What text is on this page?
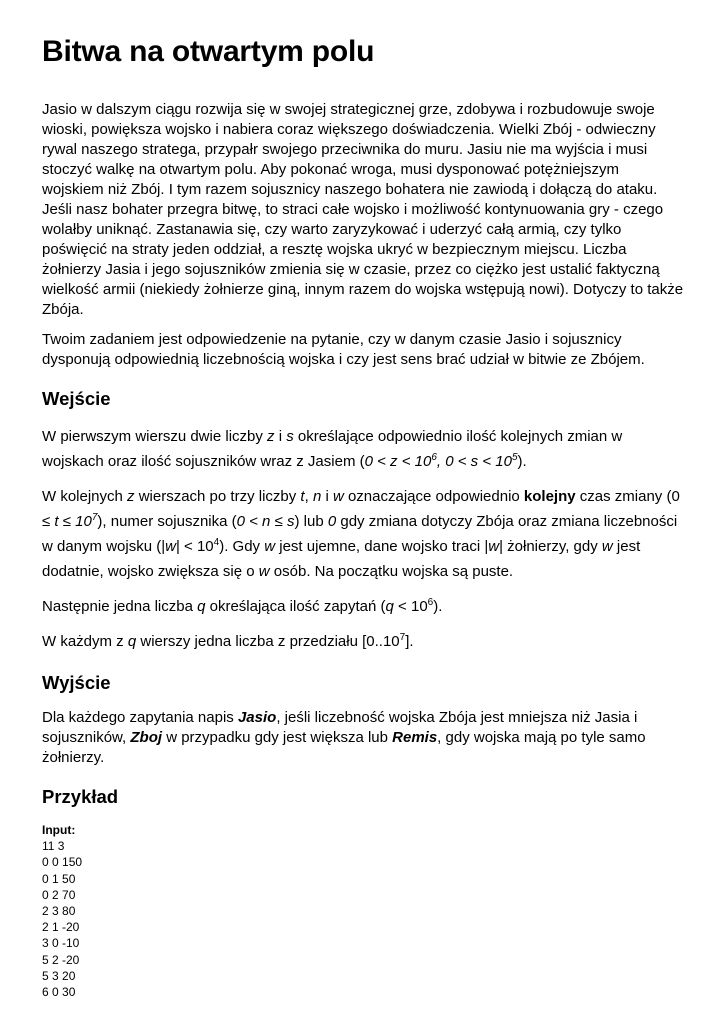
Bitwa na otwartym polu

Jasio w dalszym ciągu rozwija się w swojej strategicznej grze, zdobywa i rozbudowuje swoje wioski, powiększa wojsko i nabiera coraz większego doświadczenia. Wielki Zbój - odwieczny rywal naszego stratega, przypałr swojego przeciwnika do muru. Jasiu nie ma wyjścia i musi stoczyć walkę na otwartym polu. Aby pokonać wroga, musi dysponować potężniejszym wojskiem niż Zbój. I tym razem sojusznicy naszego bohatera nie zawiodą i dołączą do ataku. Jeśli nasz bohater przegra bitwę, to straci całe wojsko i możliwość kontynuowania gry - czego wolałby uniknąć. Zastanawia się, czy warto zaryzykować i uderzyć całą armią, czy tylko poświęcić na straty jeden oddział, a resztę wojska ukryć w bezpiecznym miejscu. Liczba żołnierzy Jasia i jego sojuszników zmienia się w czasie, przez co ciężko jest ustalić faktyczną wielkość armii (niekiedy żołnierze giną, innym razem do wojska wstępują nowi). Dotyczy to także Zbója.

Twoim zadaniem jest odpowiedzenie na pytanie, czy w danym czasie Jasio i sojusznicy dysponują odpowiednią liczebnością wojska i czy jest sens brać udział w bitwie ze Zbójem.

Wejście

W pierwszym wierszu dwie liczby z i s określające odpowiednio ilość kolejnych zmian w wojskach oraz ilość sojuszników wraz z Jasiem ($0 < z < 10^6$, $0 < s < 10^5$).

W kolejnych z wierszach po trzy liczby t, n i w oznaczające odpowiednio kolejny czas zmiany $(0 \le t \le 10^7)$, numer sojusznika (0 < n ≤ s) lub 0 gdy zmiana dotyczy Zbója oraz zmiana liczebności w danym wojsku $(|w| < 10^4)$. Gdy w jest ujemne, dane wojsko traci |w| żołnierzy, gdy w jest dodatnie, wojsko zwiększa się o w osób. Na początku wojska są puste.

Następnie jedna liczba q określająca ilość zapytań $(q < 10^6)$.

W każdym z q wierszy jedna liczba z przedziału [0..10$^7$].

Wyjście

Dla każdego zapytania napis Jasio, jeśli liczebność wojska Zbója jest mniejsza niż Jasia i sojuszników, Zboj w przypadku gdy jest większa lub Remis, gdy wojska mają po tyle samo żołnierzy.

Przykład
Input:
11 3
0 0 150
0 1 50
0 2 70
2 3 80
2 1 -20
3 0 -10
5 2 -20
5 3 20
6 0 30
